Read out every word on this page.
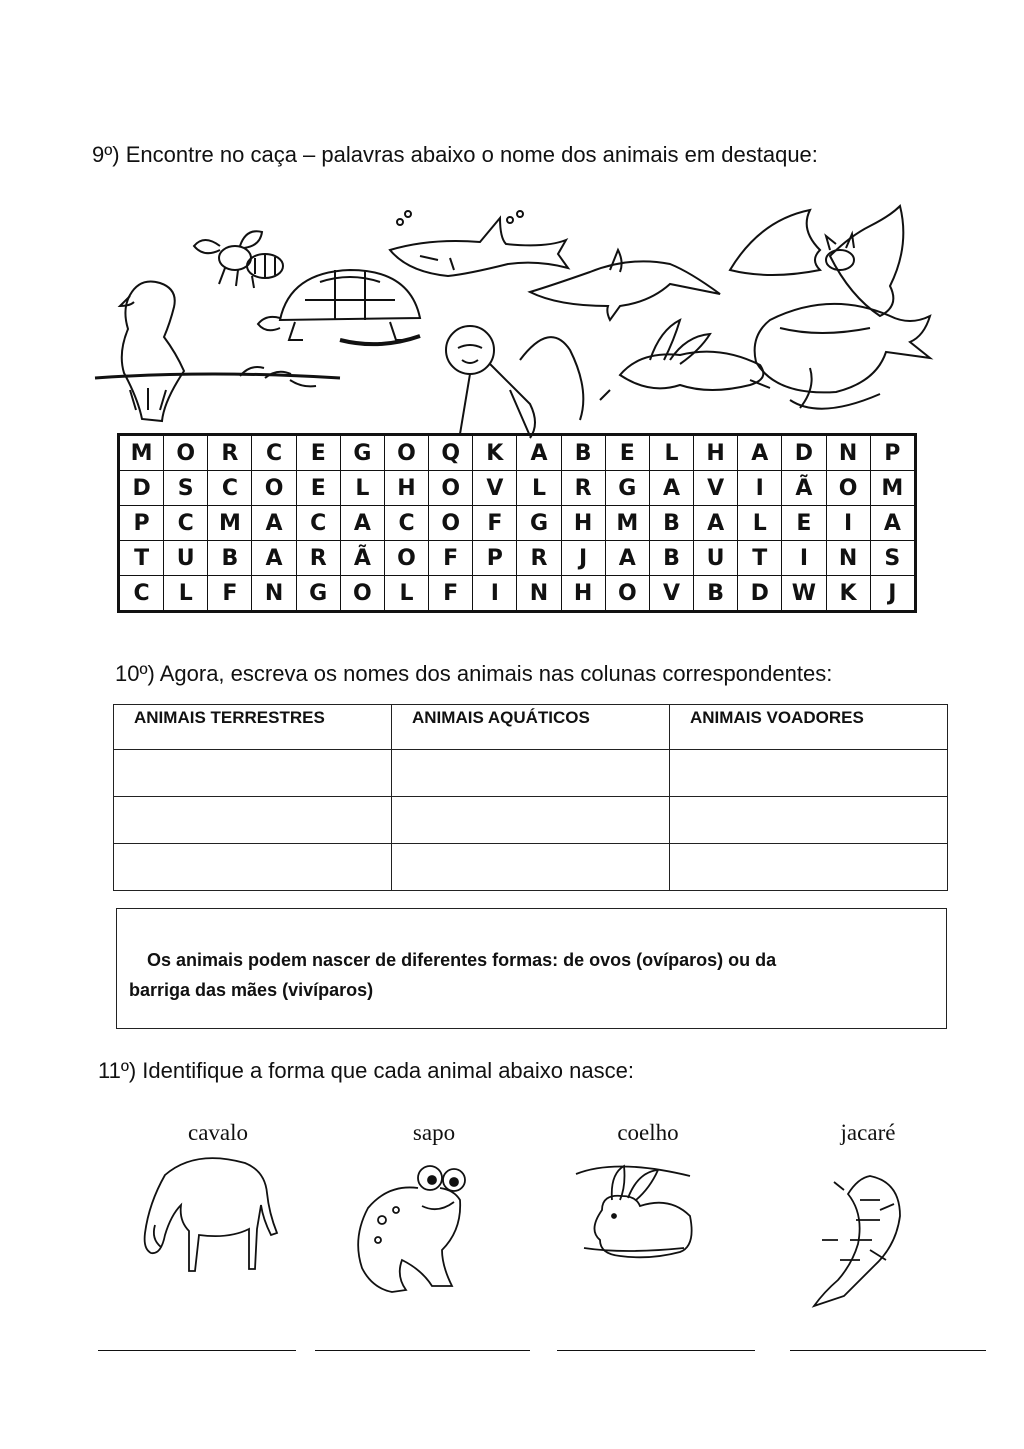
9º) Encontre no caça – palavras abaixo o nome dos animais em destaque:
M	O	R	C	E	G	O	Q	K	A	B	E	L	H	A	D	N	P
D	S	C	O	E	L	H	O	V	L	R	G	A	V	I	Ã	O	M
P	C	M	A	C	A	C	O	F	G	H	M	B	A	L	E	I	A
T	U	B	A	R	Ã	O	F	P	R	J	A	B	U	T	I	N	S
C	L	F	N	G	O	L	F	I	N	H	O	V	B	D	W	K	J
10º) Agora, escreva os nomes dos animais nas colunas correspondentes:
ANIMAIS TERRESTRES	ANIMAIS AQUÁTICOS	ANIMAIS VOADORES

Os animais podem nascer de diferentes formas: de ovos (ovíparos) ou da
barriga das mães (vivíparos)
11º) Identifique a forma que cada animal abaixo nasce:
cavalo	sapo	coelho	jacaré
